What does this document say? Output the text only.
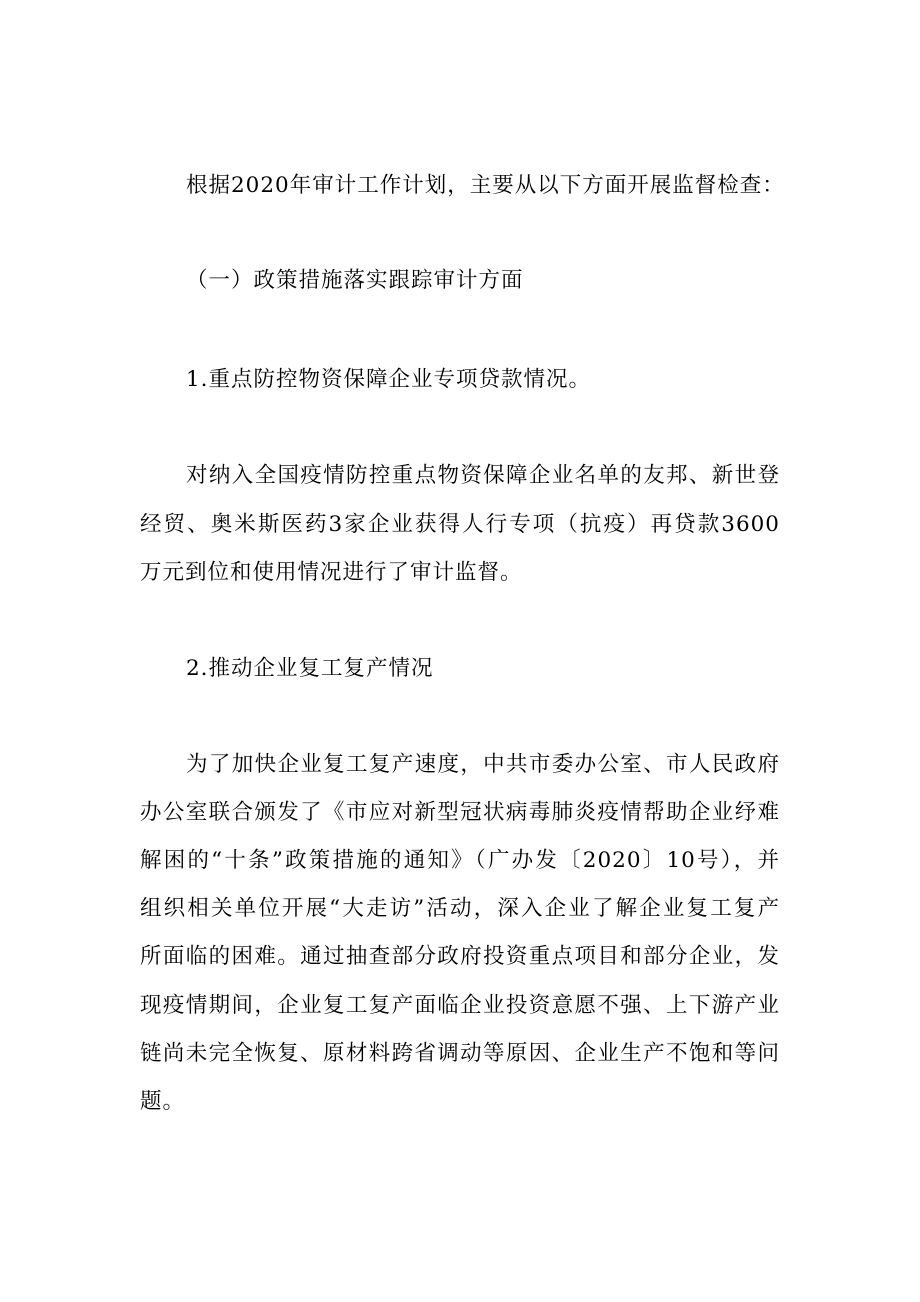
根据2020年审计工作计划，主要从以下方面开展监督检查：
（一）政策措施落实跟踪审计方面
1.重点防控物资保障企业专项贷款情况。
对纳入全国疫情防控重点物资保障企业名单的友邦、新世登
经贸、奥米斯医药3家企业获得人行专项（抗疫）再贷款3600
万元到位和使用情况进行了审计监督。
2.推动企业复工复产情况
为了加快企业复工复产速度，中共市委办公室、市人民政府
办公室联合颁发了《市应对新型冠状病毒肺炎疫情帮助企业纾难
解困的“十条”政策措施的通知》（广办发〔2020〕10号），并
组织相关单位开展“大走访”活动，深入企业了解企业复工复产
所面临的困难。通过抽查部分政府投资重点项目和部分企业，发
现疫情期间，企业复工复产面临企业投资意愿不强、上下游产业
链尚未完全恢复、原材料跨省调动等原因、企业生产不饱和等问
题。
